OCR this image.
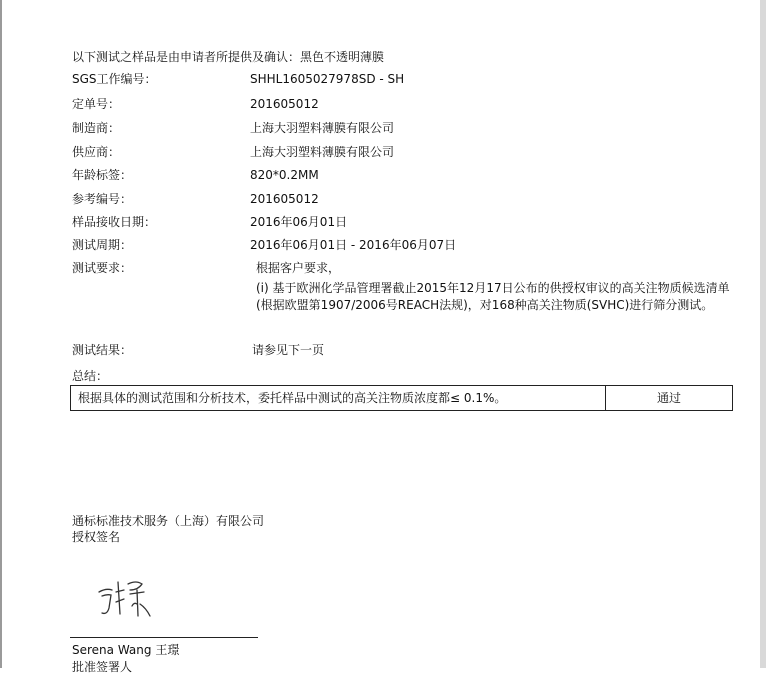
以下测试之样品是由申请者所提供及确认：黑色不透明薄膜
SGS工作编号：	SHHL1605027978SD - SH
定单号：	201605012
制造商：	上海大羽塑料薄膜有限公司
供应商：	上海大羽塑料薄膜有限公司
年龄标签：	820*0.2MM
参考编号：	201605012
样品接收日期：	2016年06月01日
测试周期：	2016年06月01日 - 2016年06月07日
测试要求：	根据客户要求，
(i) 基于欧洲化学品管理署截止2015年12月17日公布的供授权审议的高关注物质候选清单(根据欧盟第1907/2006号REACH法规)，对168种高关注物质(SVHC)进行筛分测试。
测试结果：	请参见下一页
总结：
根据具体的测试范围和分析技术，委托样品中测试的高关注物质浓度都≤ 0.1%。	通过
通标标准技术服务（上海）有限公司
授权签名
Serena Wang 王璟
批准签署人
